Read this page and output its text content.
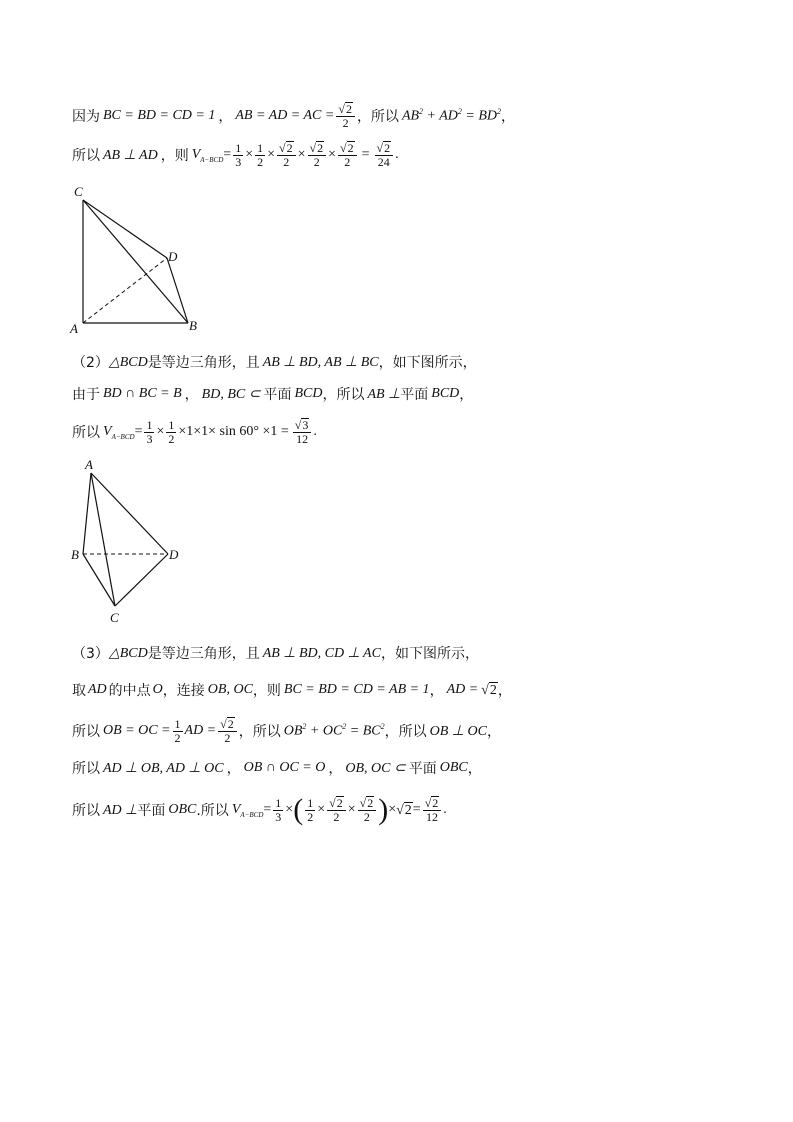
因为 BC = BD = CD = 1 ， AB = AD = AC = $\frac{√ 2}{2}$ ，所以 $AB^2 + AD^2 = BD^2$ ，
所以 AB ⊥ AD ，则 $V_{A-BCD} = \frac{1}{3} \times \frac{1}{2} \times \frac{√ 2}{2} \times \frac{√ 2}{2} \times \frac{√ 2}{2} = \frac{√ 2}{24}$ .
C
D
A	B
（2） △BCD 是等边三角形，且 AB ⊥ BD, AB ⊥ BC ，如下图所示，
由于 BD ∩ BC = B ， BD, BC ⊂ 平面 BCD ，所以 AB ⊥ 平面 BCD ，
所以 $V_{A-BCD} = \frac{1}{3} \times \frac{1}{2} \times 1\times 1\times \sin 60^\circ \times 1 = \frac{√ 3}{12}$ .
A
B
C
D
（3） △BCD 是等边三角形，且 AB ⊥ BD, CD ⊥ AC ，如下图所示，
取 AD 的中点 O ，连接 OB, OC ，则 BC = BD = CD = AB = 1 ， AD = √ 2 ，
所以 OB = OC = $\frac{1}{2}$ AD = $\frac{√ 2}{2}$ ，所以 $OB^2 + OC^2 = BC^2$ ，所以 OB ⊥ OC ，
所以 AD ⊥ OB, AD ⊥ OC ， OB ∩ OC = O ， OB, OC ⊂ 平面 OBC ，
所以 AD ⊥ 平面 OBC .所以 $V_{A-BCD} = \frac{1}{3}$ × ( $\frac{1}{2} \times \frac{√ 2}{2} \times \frac{√ 2}{2}$ ) × √ $2 = \frac{√ 2}{12}$ .
